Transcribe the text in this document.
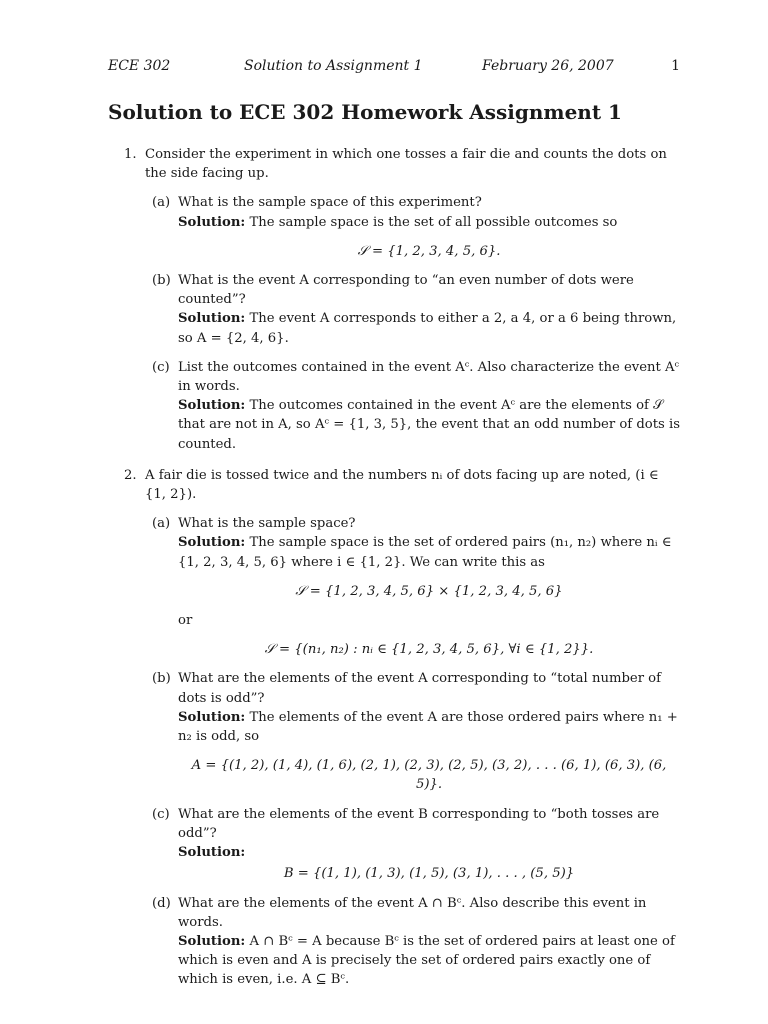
ECE 302	Solution to Assignment 1	February 26, 2007	1
Solution to ECE 302 Homework Assignment 1
1. Consider the experiment in which one tosses a fair die and counts the dots on the side facing up.

(a) What is the sample space of this experiment?

Solution: The sample space is the set of all possible outcomes so

𝒮 = {1, 2, 3, 4, 5, 6}.

(b) What is the event A corresponding to “an even number of dots were counted”?

Solution: The event A corresponds to either a 2, a 4, or a 6 being thrown, so A = {2, 4, 6}.

(c) List the outcomes contained in the event Aᶜ. Also characterize the event Aᶜ in words.

Solution: The outcomes contained in the event Aᶜ are the elements of 𝒮 that are not in A, so Aᶜ = {1, 3, 5}, the event that an odd number of dots is counted.

2. A fair die is tossed twice and the numbers nᵢ of dots facing up are noted, (i ∈ {1, 2}).

(a) What is the sample space?

Solution: The sample space is the set of ordered pairs (n₁, n₂) where nᵢ ∈ {1, 2, 3, 4, 5, 6} where i ∈ {1, 2}. We can write this as

𝒮 = {1, 2, 3, 4, 5, 6} × {1, 2, 3, 4, 5, 6}

or

𝒮 = {(n₁, n₂) : nᵢ ∈ {1, 2, 3, 4, 5, 6}, ∀i ∈ {1, 2}}.

(b) What are the elements of the event A corresponding to “total number of dots is odd”?

Solution: The elements of the event A are those ordered pairs where n₁ + n₂ is odd, so

A = {(1, 2), (1, 4), (1, 6), (2, 1), (2, 3), (2, 5), (3, 2), . . . (6, 1), (6, 3), (6, 5)}.

(c) What are the elements of the event B corresponding to “both tosses are odd”?

Solution:

B = {(1, 1), (1, 3), (1, 5), (3, 1), . . . , (5, 5)}

(d) What are the elements of the event A ∩ Bᶜ. Also describe this event in words.

Solution: A ∩ Bᶜ = A because Bᶜ is the set of ordered pairs at least one of which is even and A is precisely the set of ordered pairs exactly one of which is even, i.e. A ⊆ Bᶜ.
